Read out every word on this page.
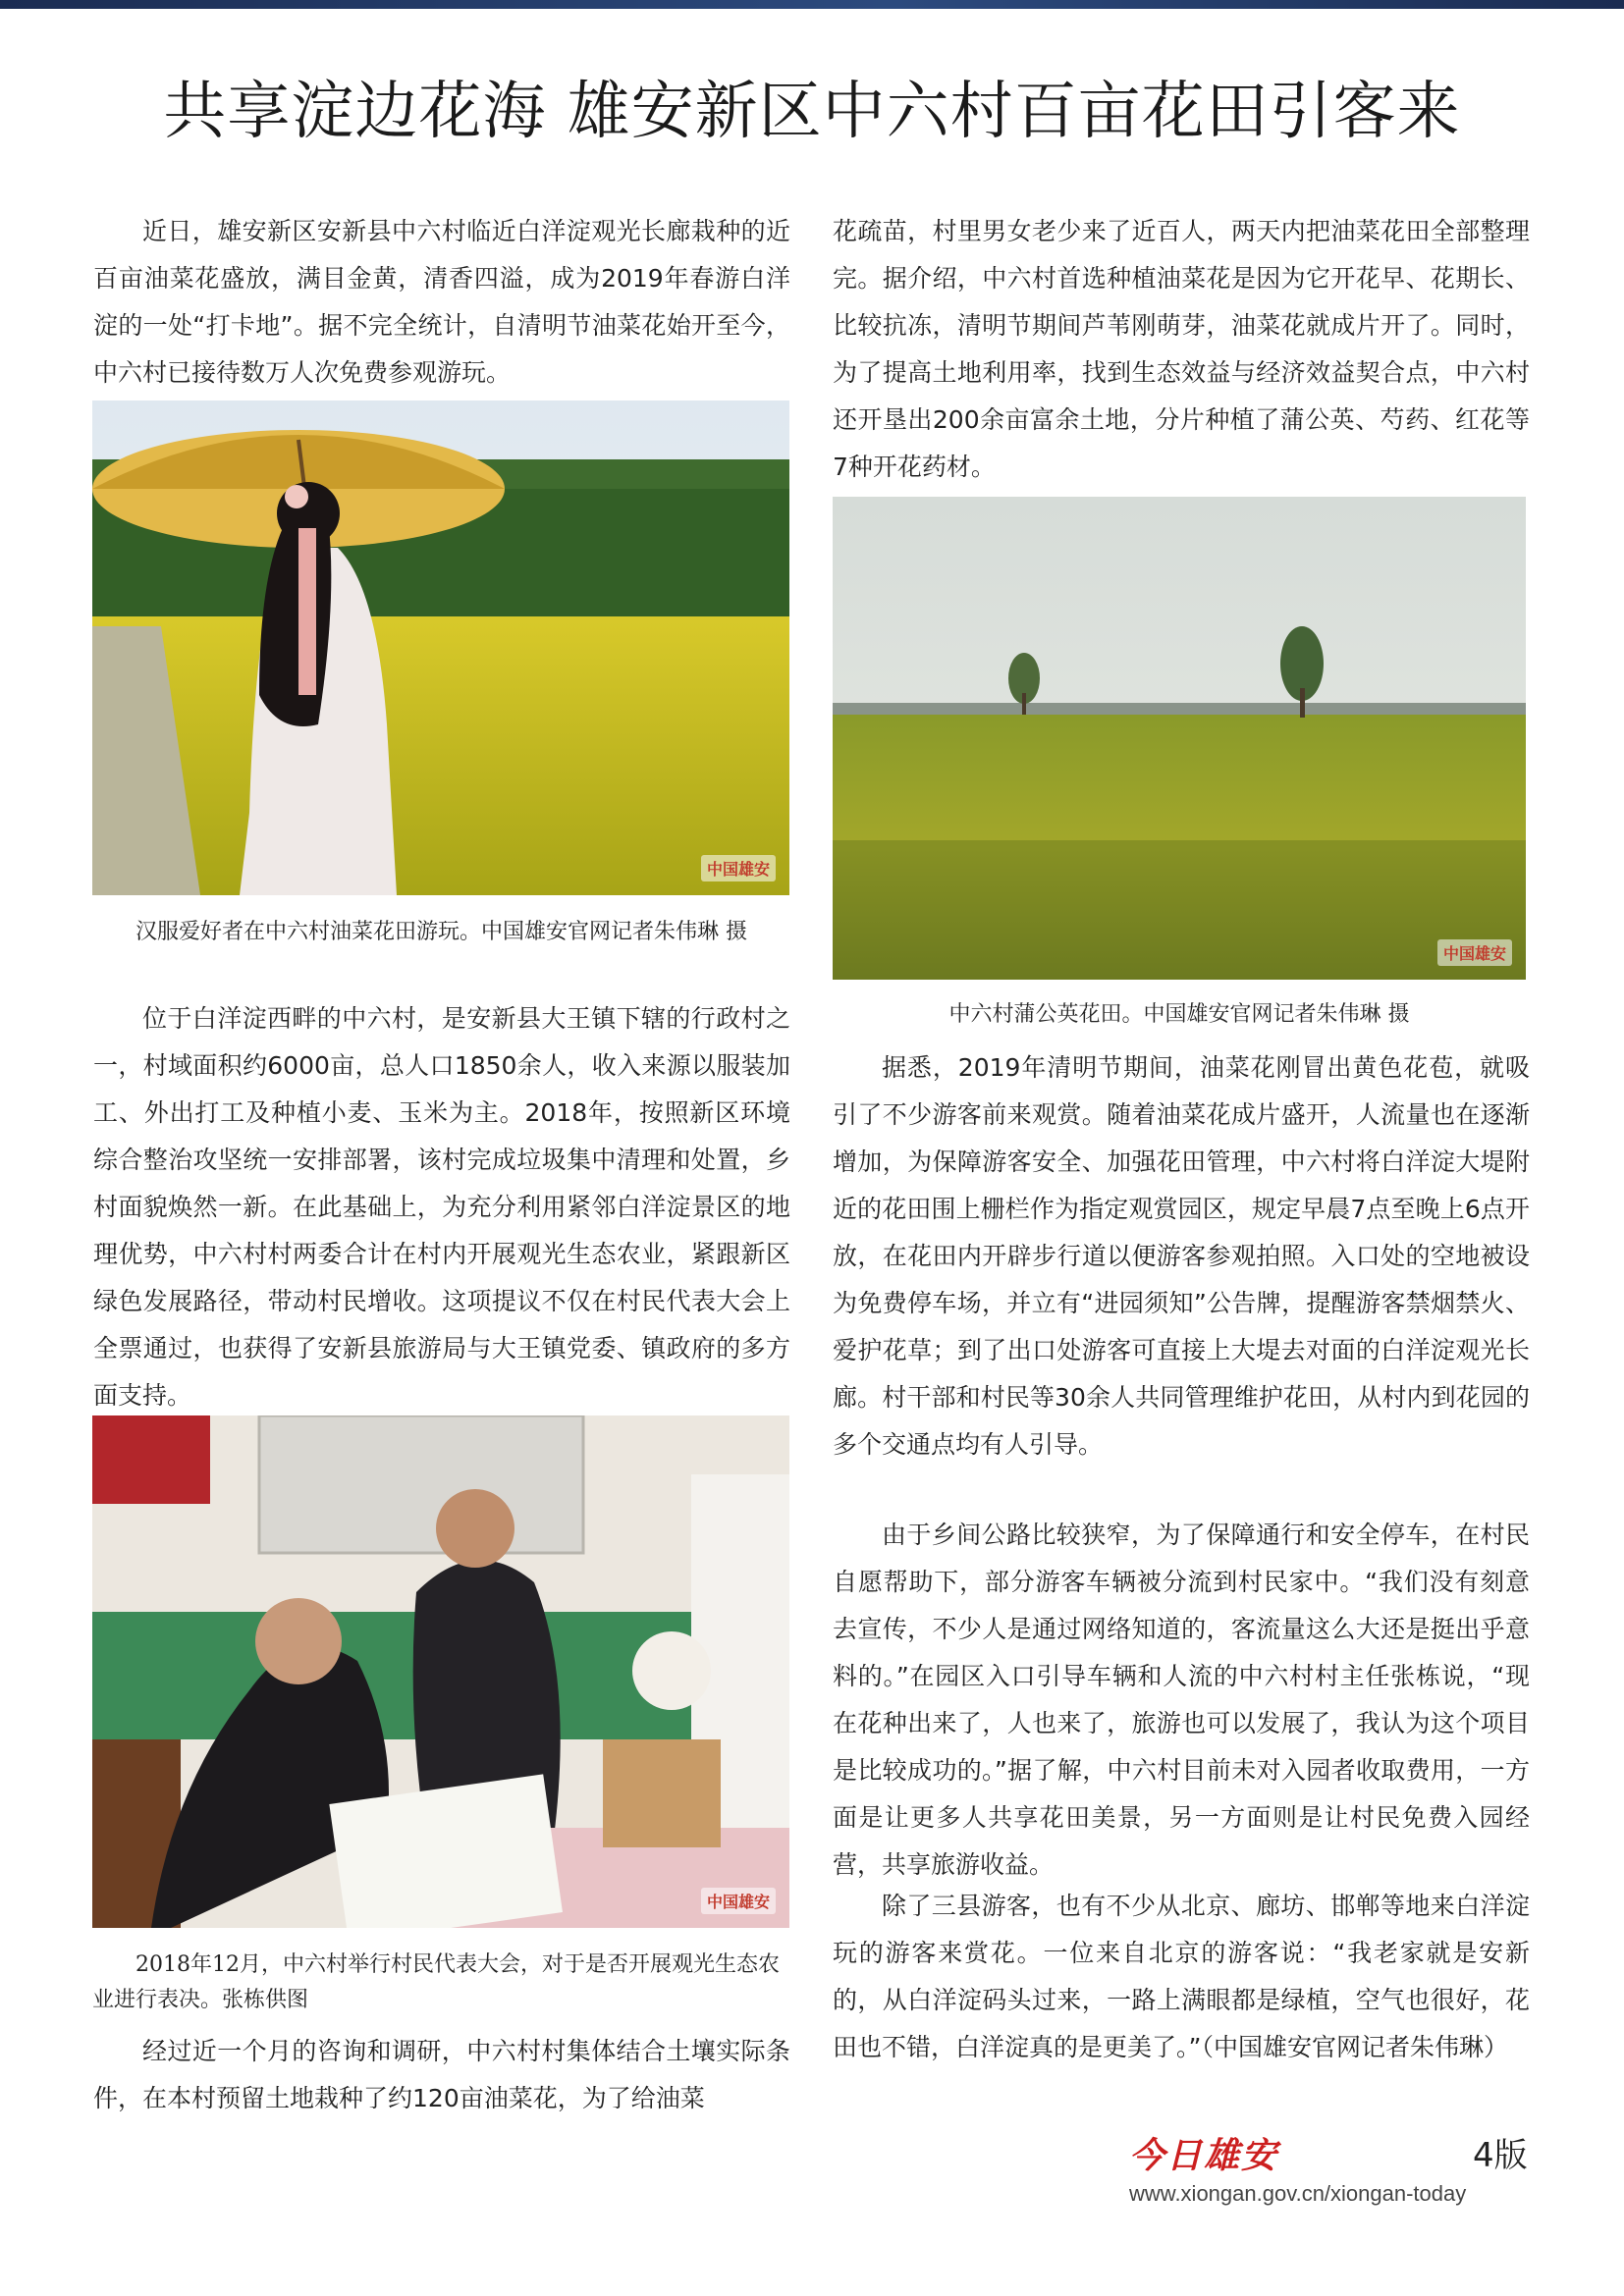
共享淀边花海 雄安新区中六村百亩花田引客来

近日，雄安新区安新县中六村临近白洋淀观光长廊栽种的近百亩油菜花盛放，满目金黄，清香四溢，成为2019年春游白洋淀的一处“打卡地”。据不完全统计，自清明节油菜花始开至今，中六村已接待数万人次免费参观游玩。

中国雄安

汉服爱好者在中六村油菜花田游玩。中国雄安官网记者朱伟琳 摄

位于白洋淀西畔的中六村，是安新县大王镇下辖的行政村之一，村域面积约6000亩，总人口1850余人，收入来源以服装加工、外出打工及种植小麦、玉米为主。2018年，按照新区环境综合整治攻坚统一安排部署，该村完成垃圾集中清理和处置，乡村面貌焕然一新。在此基础上，为充分利用紧邻白洋淀景区的地理优势，中六村村两委合计在村内开展观光生态农业，紧跟新区绿色发展路径，带动村民增收。这项提议不仅在村民代表大会上全票通过，也获得了安新县旅游局与大王镇党委、镇政府的多方面支持。

中国雄安

2018年12月，中六村举行村民代表大会，对于是否开展观光生态农业进行表决。张栋供图

经过近一个月的咨询和调研，中六村村集体结合土壤实际条件，在本村预留土地栽种了约120亩油菜花，为了给油菜

花疏苗，村里男女老少来了近百人，两天内把油菜花田全部整理完。据介绍，中六村首选种植油菜花是因为它开花早、花期长、比较抗冻，清明节期间芦苇刚萌芽，油菜花就成片开了。同时，为了提高土地利用率，找到生态效益与经济效益契合点，中六村还开垦出200余亩富余土地，分片种植了蒲公英、芍药、红花等7种开花药材。

中国雄安

中六村蒲公英花田。中国雄安官网记者朱伟琳 摄

据悉，2019年清明节期间，油菜花刚冒出黄色花苞，就吸引了不少游客前来观赏。随着油菜花成片盛开，人流量也在逐渐增加，为保障游客安全、加强花田管理，中六村将白洋淀大堤附近的花田围上栅栏作为指定观赏园区，规定早晨7点至晚上6点开放，在花田内开辟步行道以便游客参观拍照。入口处的空地被设为免费停车场，并立有“进园须知”公告牌，提醒游客禁烟禁火、爱护花草；到了出口处游客可直接上大堤去对面的白洋淀观光长廊。村干部和村民等30余人共同管理维护花田，从村内到花园的多个交通点均有人引导。

由于乡间公路比较狭窄，为了保障通行和安全停车，在村民自愿帮助下，部分游客车辆被分流到村民家中。“我们没有刻意去宣传，不少人是通过网络知道的，客流量这么大还是挺出乎意料的。”在园区入口引导车辆和人流的中六村村主任张栋说，“现在花种出来了，人也来了，旅游也可以发展了，我认为这个项目是比较成功的。”据了解，中六村目前未对入园者收取费用，一方面是让更多人共享花田美景，另一方面则是让村民免费入园经营，共享旅游收益。

除了三县游客，也有不少从北京、廊坊、邯郸等地来白洋淀玩的游客来赏花。一位来自北京的游客说：“我老家就是安新的，从白洋淀码头过来，一路上满眼都是绿植，空气也很好，花田也不错，白洋淀真的是更美了。”（中国雄安官网记者朱伟琳）

今日雄安	4版
www.xiongan.gov.cn/xiongan-today
